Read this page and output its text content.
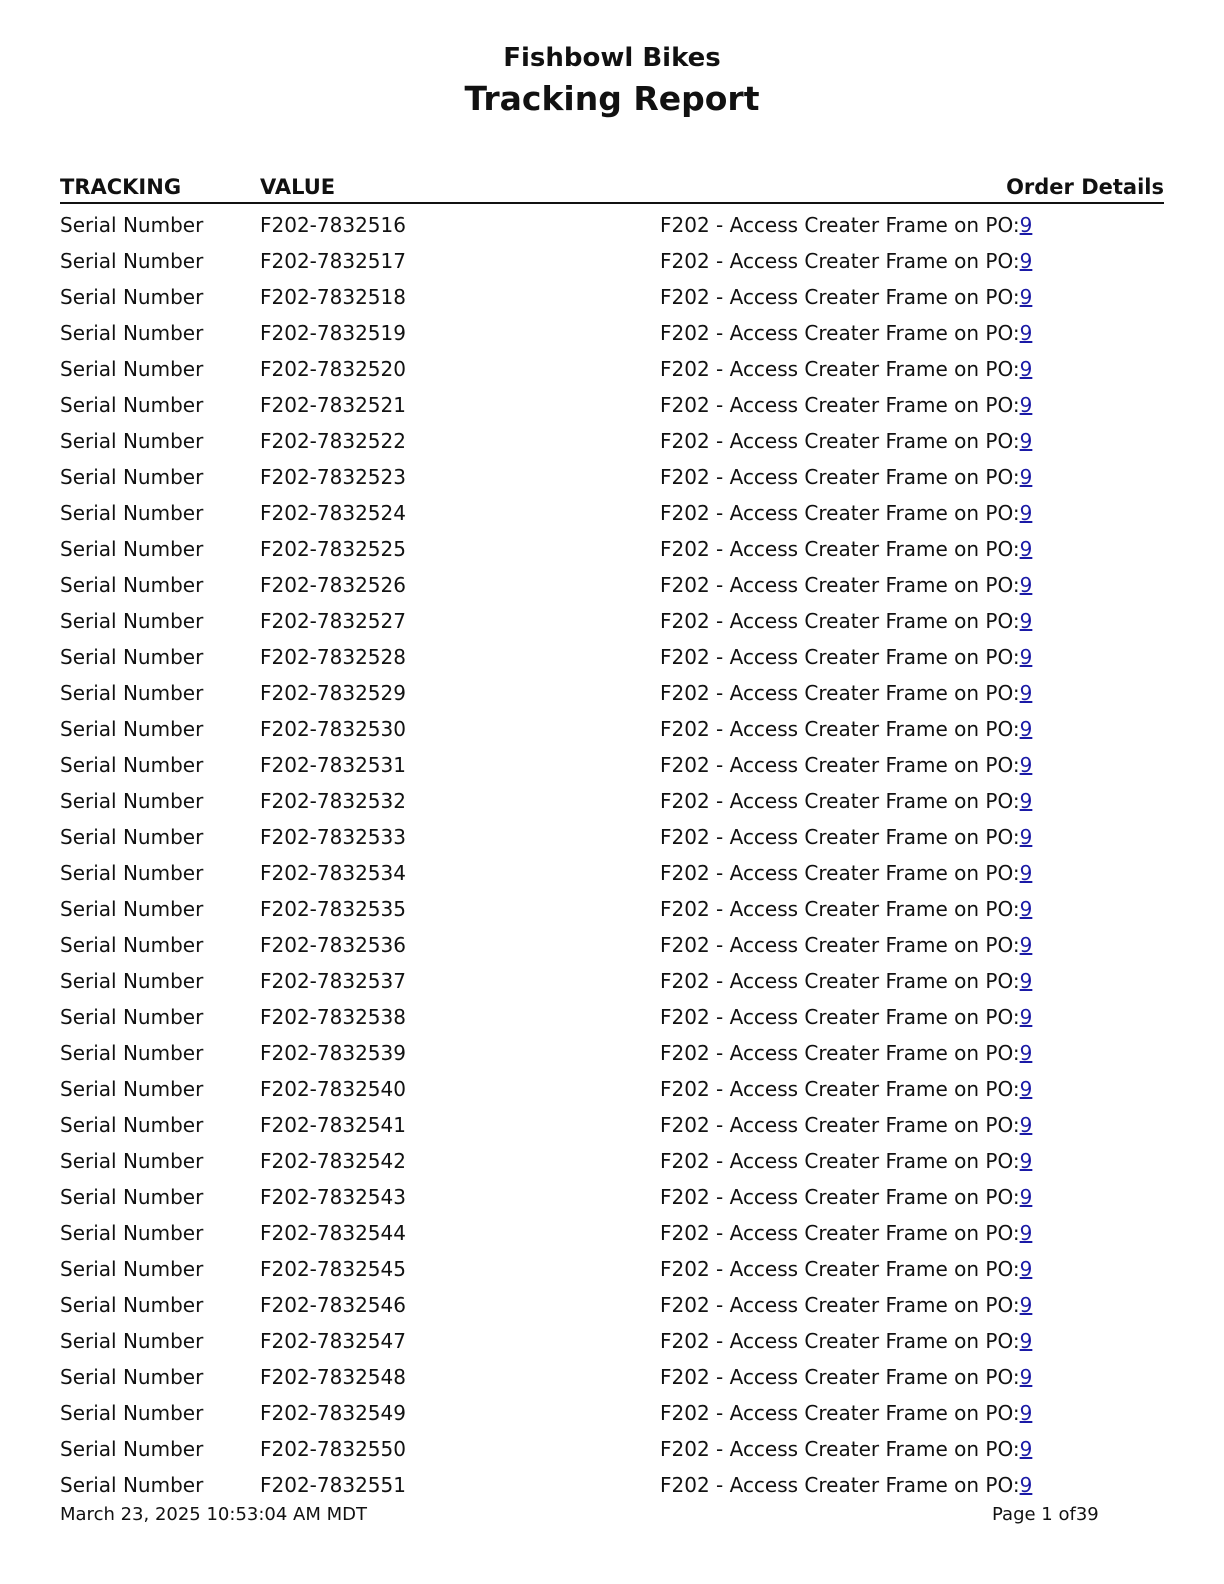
Fishbowl Bikes
Tracking Report
TRACKING	VALUE	Order Details
Serial Number	F202-7832516	F202 - Access Creater Frame on PO:9
Serial Number	F202-7832517	F202 - Access Creater Frame on PO:9
Serial Number	F202-7832518	F202 - Access Creater Frame on PO:9
Serial Number	F202-7832519	F202 - Access Creater Frame on PO:9
Serial Number	F202-7832520	F202 - Access Creater Frame on PO:9
Serial Number	F202-7832521	F202 - Access Creater Frame on PO:9
Serial Number	F202-7832522	F202 - Access Creater Frame on PO:9
Serial Number	F202-7832523	F202 - Access Creater Frame on PO:9
Serial Number	F202-7832524	F202 - Access Creater Frame on PO:9
Serial Number	F202-7832525	F202 - Access Creater Frame on PO:9
Serial Number	F202-7832526	F202 - Access Creater Frame on PO:9
Serial Number	F202-7832527	F202 - Access Creater Frame on PO:9
Serial Number	F202-7832528	F202 - Access Creater Frame on PO:9
Serial Number	F202-7832529	F202 - Access Creater Frame on PO:9
Serial Number	F202-7832530	F202 - Access Creater Frame on PO:9
Serial Number	F202-7832531	F202 - Access Creater Frame on PO:9
Serial Number	F202-7832532	F202 - Access Creater Frame on PO:9
Serial Number	F202-7832533	F202 - Access Creater Frame on PO:9
Serial Number	F202-7832534	F202 - Access Creater Frame on PO:9
Serial Number	F202-7832535	F202 - Access Creater Frame on PO:9
Serial Number	F202-7832536	F202 - Access Creater Frame on PO:9
Serial Number	F202-7832537	F202 - Access Creater Frame on PO:9
Serial Number	F202-7832538	F202 - Access Creater Frame on PO:9
Serial Number	F202-7832539	F202 - Access Creater Frame on PO:9
Serial Number	F202-7832540	F202 - Access Creater Frame on PO:9
Serial Number	F202-7832541	F202 - Access Creater Frame on PO:9
Serial Number	F202-7832542	F202 - Access Creater Frame on PO:9
Serial Number	F202-7832543	F202 - Access Creater Frame on PO:9
Serial Number	F202-7832544	F202 - Access Creater Frame on PO:9
Serial Number	F202-7832545	F202 - Access Creater Frame on PO:9
Serial Number	F202-7832546	F202 - Access Creater Frame on PO:9
Serial Number	F202-7832547	F202 - Access Creater Frame on PO:9
Serial Number	F202-7832548	F202 - Access Creater Frame on PO:9
Serial Number	F202-7832549	F202 - Access Creater Frame on PO:9
Serial Number	F202-7832550	F202 - Access Creater Frame on PO:9
Serial Number	F202-7832551	F202 - Access Creater Frame on PO:9
March 23, 2025 10:53:04 AM MDT	Page 1 of39
